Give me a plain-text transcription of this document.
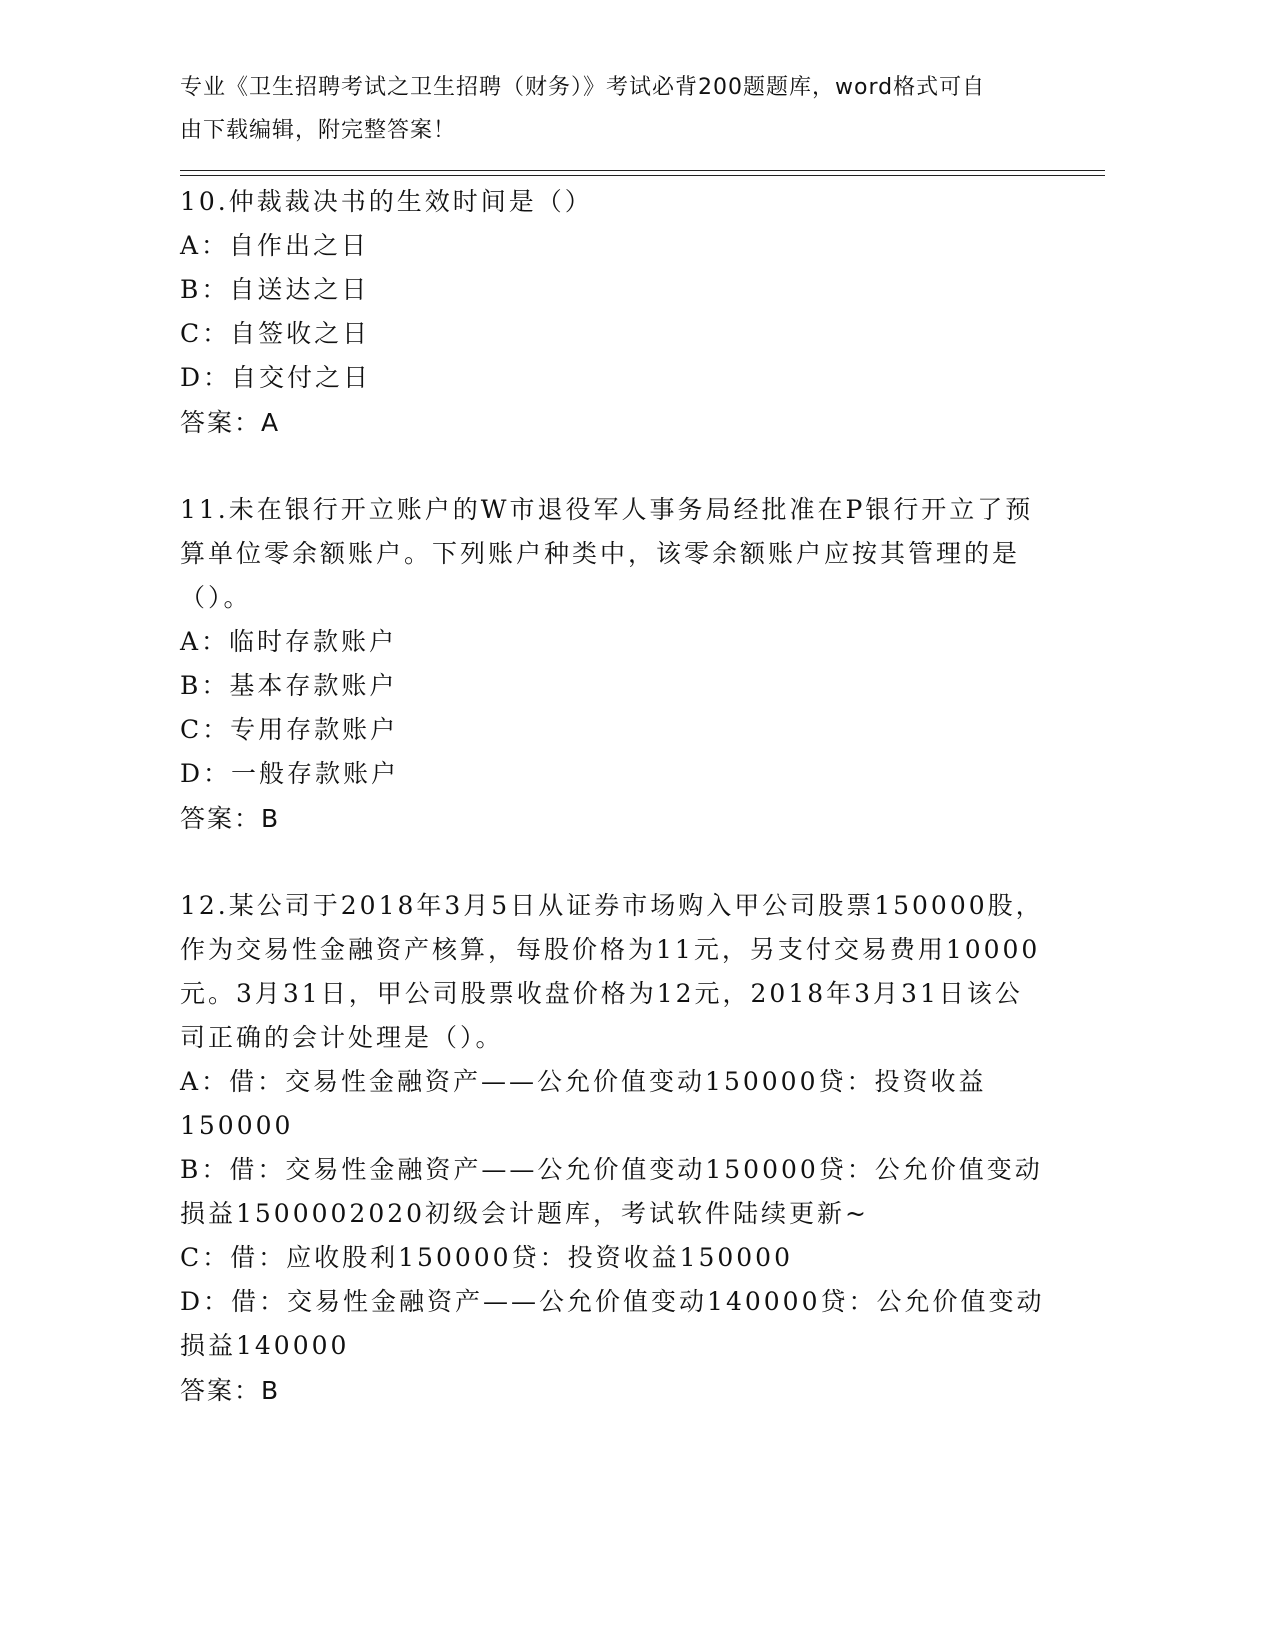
专业《卫生招聘考试之卫生招聘（财务）》考试必背200题题库，word格式可自

由下载编辑，附完整答案！

10.仲裁裁决书的生效时间是（）

A：自作出之日

B：自送达之日

C：自签收之日

D：自交付之日

答案：A

11.未在银行开立账户的W市退役军人事务局经批准在P银行开立了预

算单位零余额账户。下列账户种类中，该零余额账户应按其管理的是

（）。

A：临时存款账户

B：基本存款账户

C：专用存款账户

D：一般存款账户

答案：B

12.某公司于2018年3月5日从证券市场购入甲公司股票150000股，

作为交易性金融资产核算，每股价格为11元，另支付交易费用10000

元。3月31日，甲公司股票收盘价格为12元，2018年3月31日该公

司正确的会计处理是（）。

A：借：交易性金融资产——公允价值变动150000贷：投资收益

150000

B：借：交易性金融资产——公允价值变动150000贷：公允价值变动

损益1500002020初级会计题库，考试软件陆续更新~

C：借：应收股利150000贷：投资收益150000

D：借：交易性金融资产——公允价值变动140000贷：公允价值变动

损益140000

答案：B
